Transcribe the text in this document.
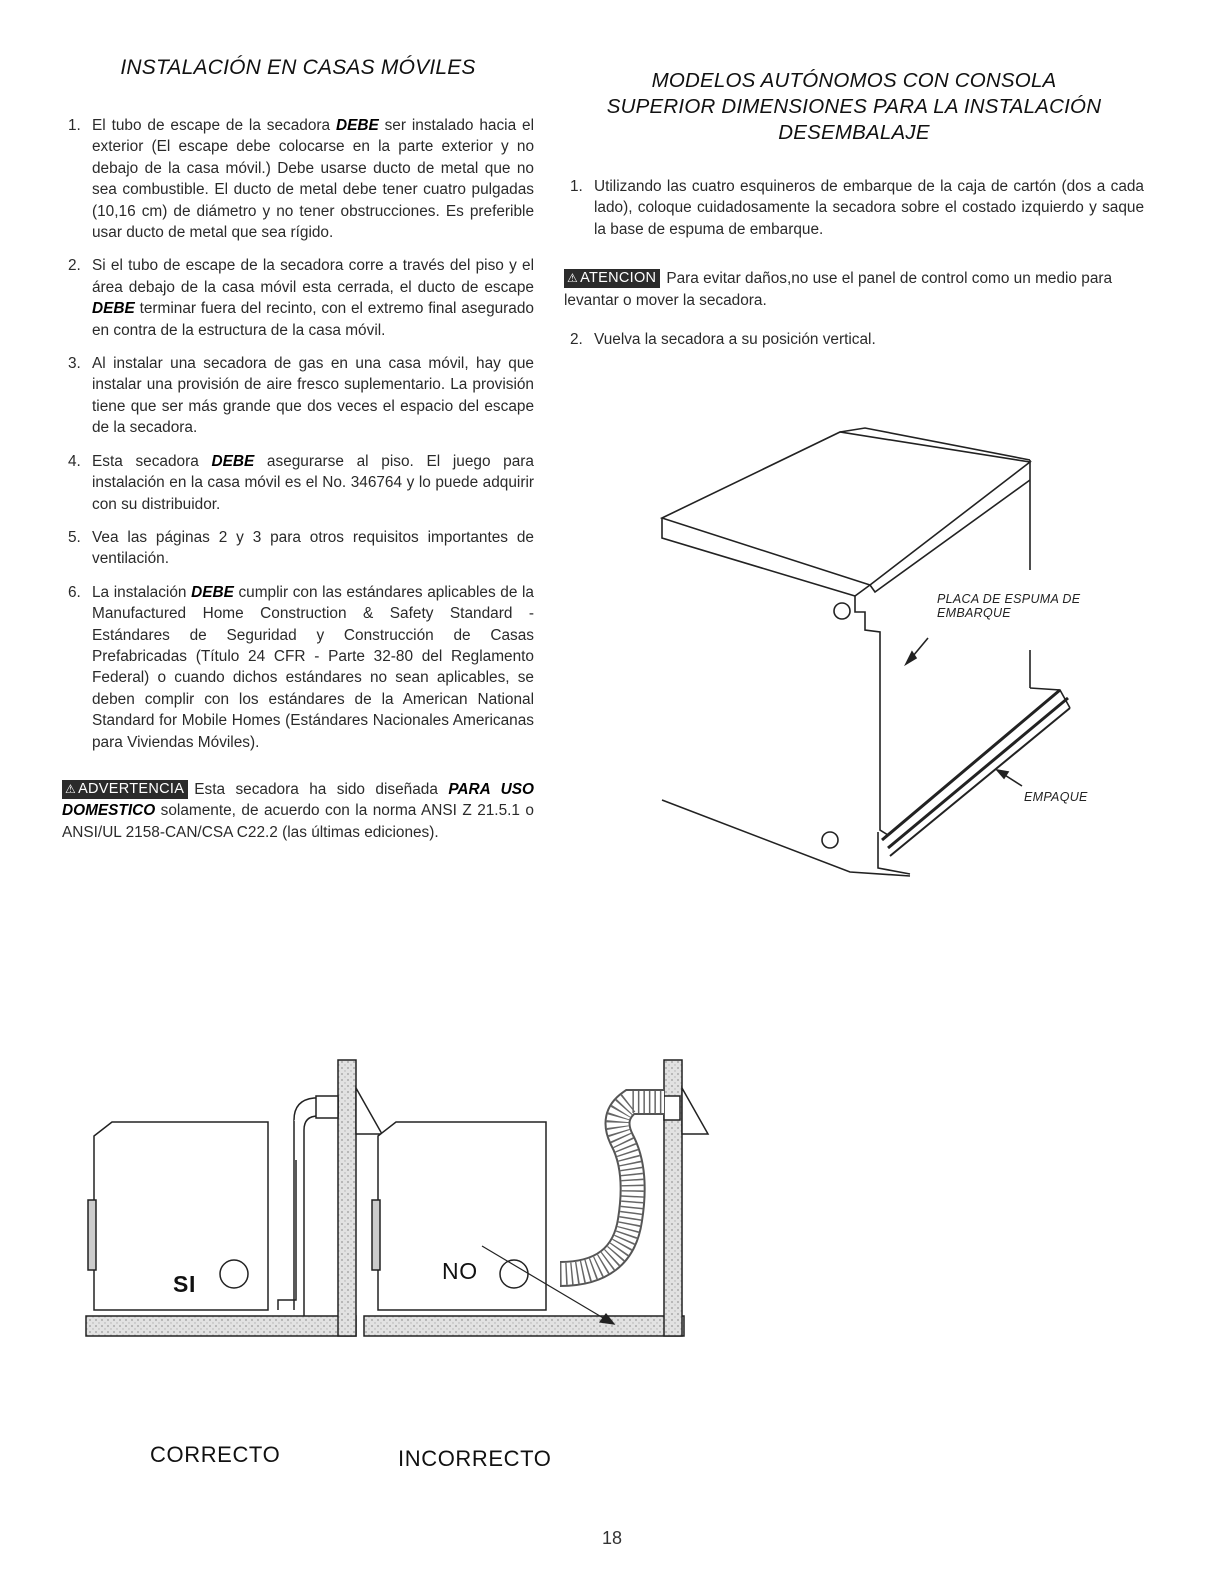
INSTALACIÓN EN CASAS MÓVILES
1. El tubo de escape de la secadora DEBE ser instalado hacia el exterior (El escape debe colocarse en la parte exterior y no debajo de la casa móvil.) Debe usarse ducto de metal que no sea combustible. El ducto de metal debe tener cuatro pulgadas (10,16 cm) de diámetro y no tener obstrucciones. Es preferible usar ducto de metal que sea rígido.
2. Si el tubo de escape de la secadora corre a través del piso y el área debajo de la casa móvil esta cerrada, el ducto de escape DEBE terminar fuera del recinto, con el extremo final asegurado en contra de la estructura de la casa móvil.
3. Al instalar una secadora de gas en una casa móvil, hay que instalar una provisión de aire fresco suplementario. La provisión tiene que ser más grande que dos veces el espacio del escape de la secadora.
4. Esta secadora DEBE asegurarse al piso. El juego para instalación en la casa móvil es el No. 346764 y lo puede adquirir con su distribuidor.
5. Vea las páginas 2 y 3 para otros requisitos importantes de ventilación.
6. La instalación DEBE cumplir con las estándares aplicables de la Manufactured Home Construction & Safety Standard - Estándares de Seguridad y Construcción de Casas Prefabricadas (Título 24 CFR - Parte 32-80 del Reglamento Federal) o cuando dichos estándares no sean aplicables, se deben complir con los estándares de la American National Standard for Mobile Homes (Estándares Nacionales Americanas para Viviendas Móviles).
⚠ ADVERTENCIA Esta secadora ha sido diseñada PARA USO DOMESTICO solamente, de acuerdo con la norma ANSI Z 21.5.1 o ANSI/UL 2158-CAN/CSA C22.2 (las últimas ediciones).
MODELOS AUTÓNOMOS CON CONSOLA
SUPERIOR DIMENSIONES PARA LA INSTALACIÓN
DESEMBALAJE
1. Utilizando las cuatro esquineros de embarque de la caja de cartón (dos a cada lado), coloque cuidadosamente la secadora sobre el costado izquierdo y saque la base de espuma de embarque.
⚠ ATENCION Para evitar daños,no use el panel de control como un medio para levantar o mover la secadora.
2. Vuelva la secadora a su posición vertical.
PLACA DE ESPUMA DE
EMBARQUE
EMPAQUE
SI	NO
CORRECTO	INCORRECTO
18
